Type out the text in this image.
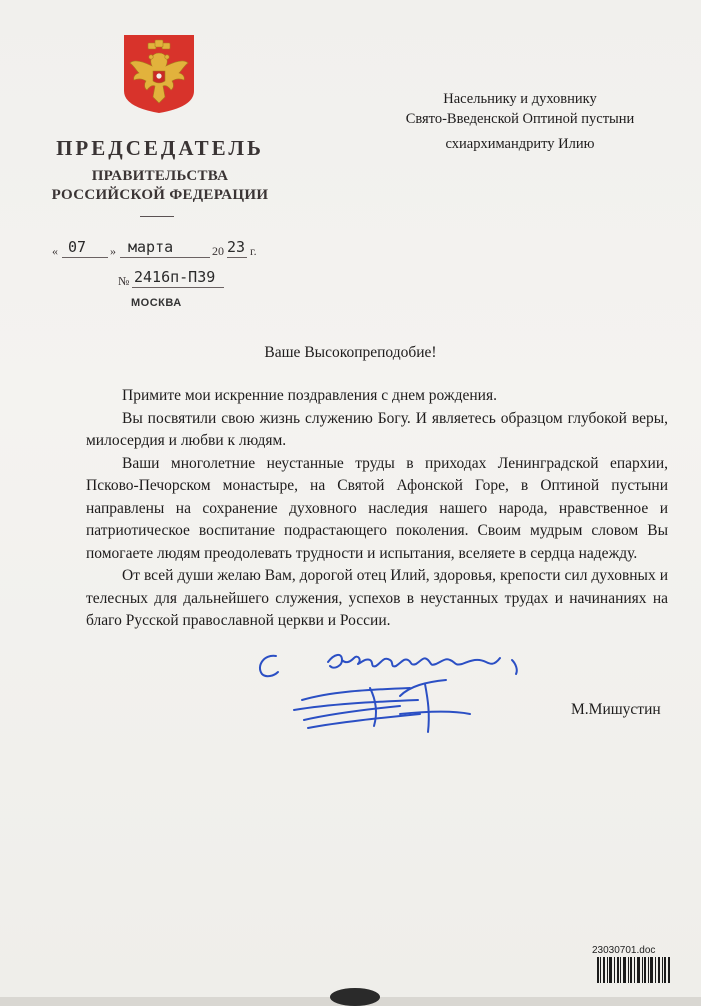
ПРЕДСЕДАТЕЛЬ
ПРАВИТЕЛЬСТВА
РОССИЙСКОЙ ФЕДЕРАЦИИ
« 07 » марта	20 23 г.
№ 2416п-П39
МОСКВА
Насельнику и духовнику
Свято-Введенской Оптиной пустыни
схиархимандриту Илию
Ваше Высокопреподобие!

Примите мои искренние поздравления с днем рождения.

Вы посвятили свою жизнь служению Богу. И являетесь образцом глубокой веры, милосердия и любви к людям.

Ваши многолетние неустанные труды в приходах Ленинградской епархии, Псково-Печорском монастыре, на Святой Афонской Горе, в Оптиной пустыни направлены на сохранение духовного наследия нашего народа, нравственное и патриотическое воспитание подрастающего поколения. Своим мудрым словом Вы помогаете людям преодолевать трудности и испытания, вселяете в сердца надежду.

От всей души желаю Вам, дорогой отец Илий, здоровья, крепости сил духовных и телесных для дальнейшего служения, успехов в неустанных трудах и начинаниях на благо Русской православной церкви и России.

М.Мишустин
23030701.doc
